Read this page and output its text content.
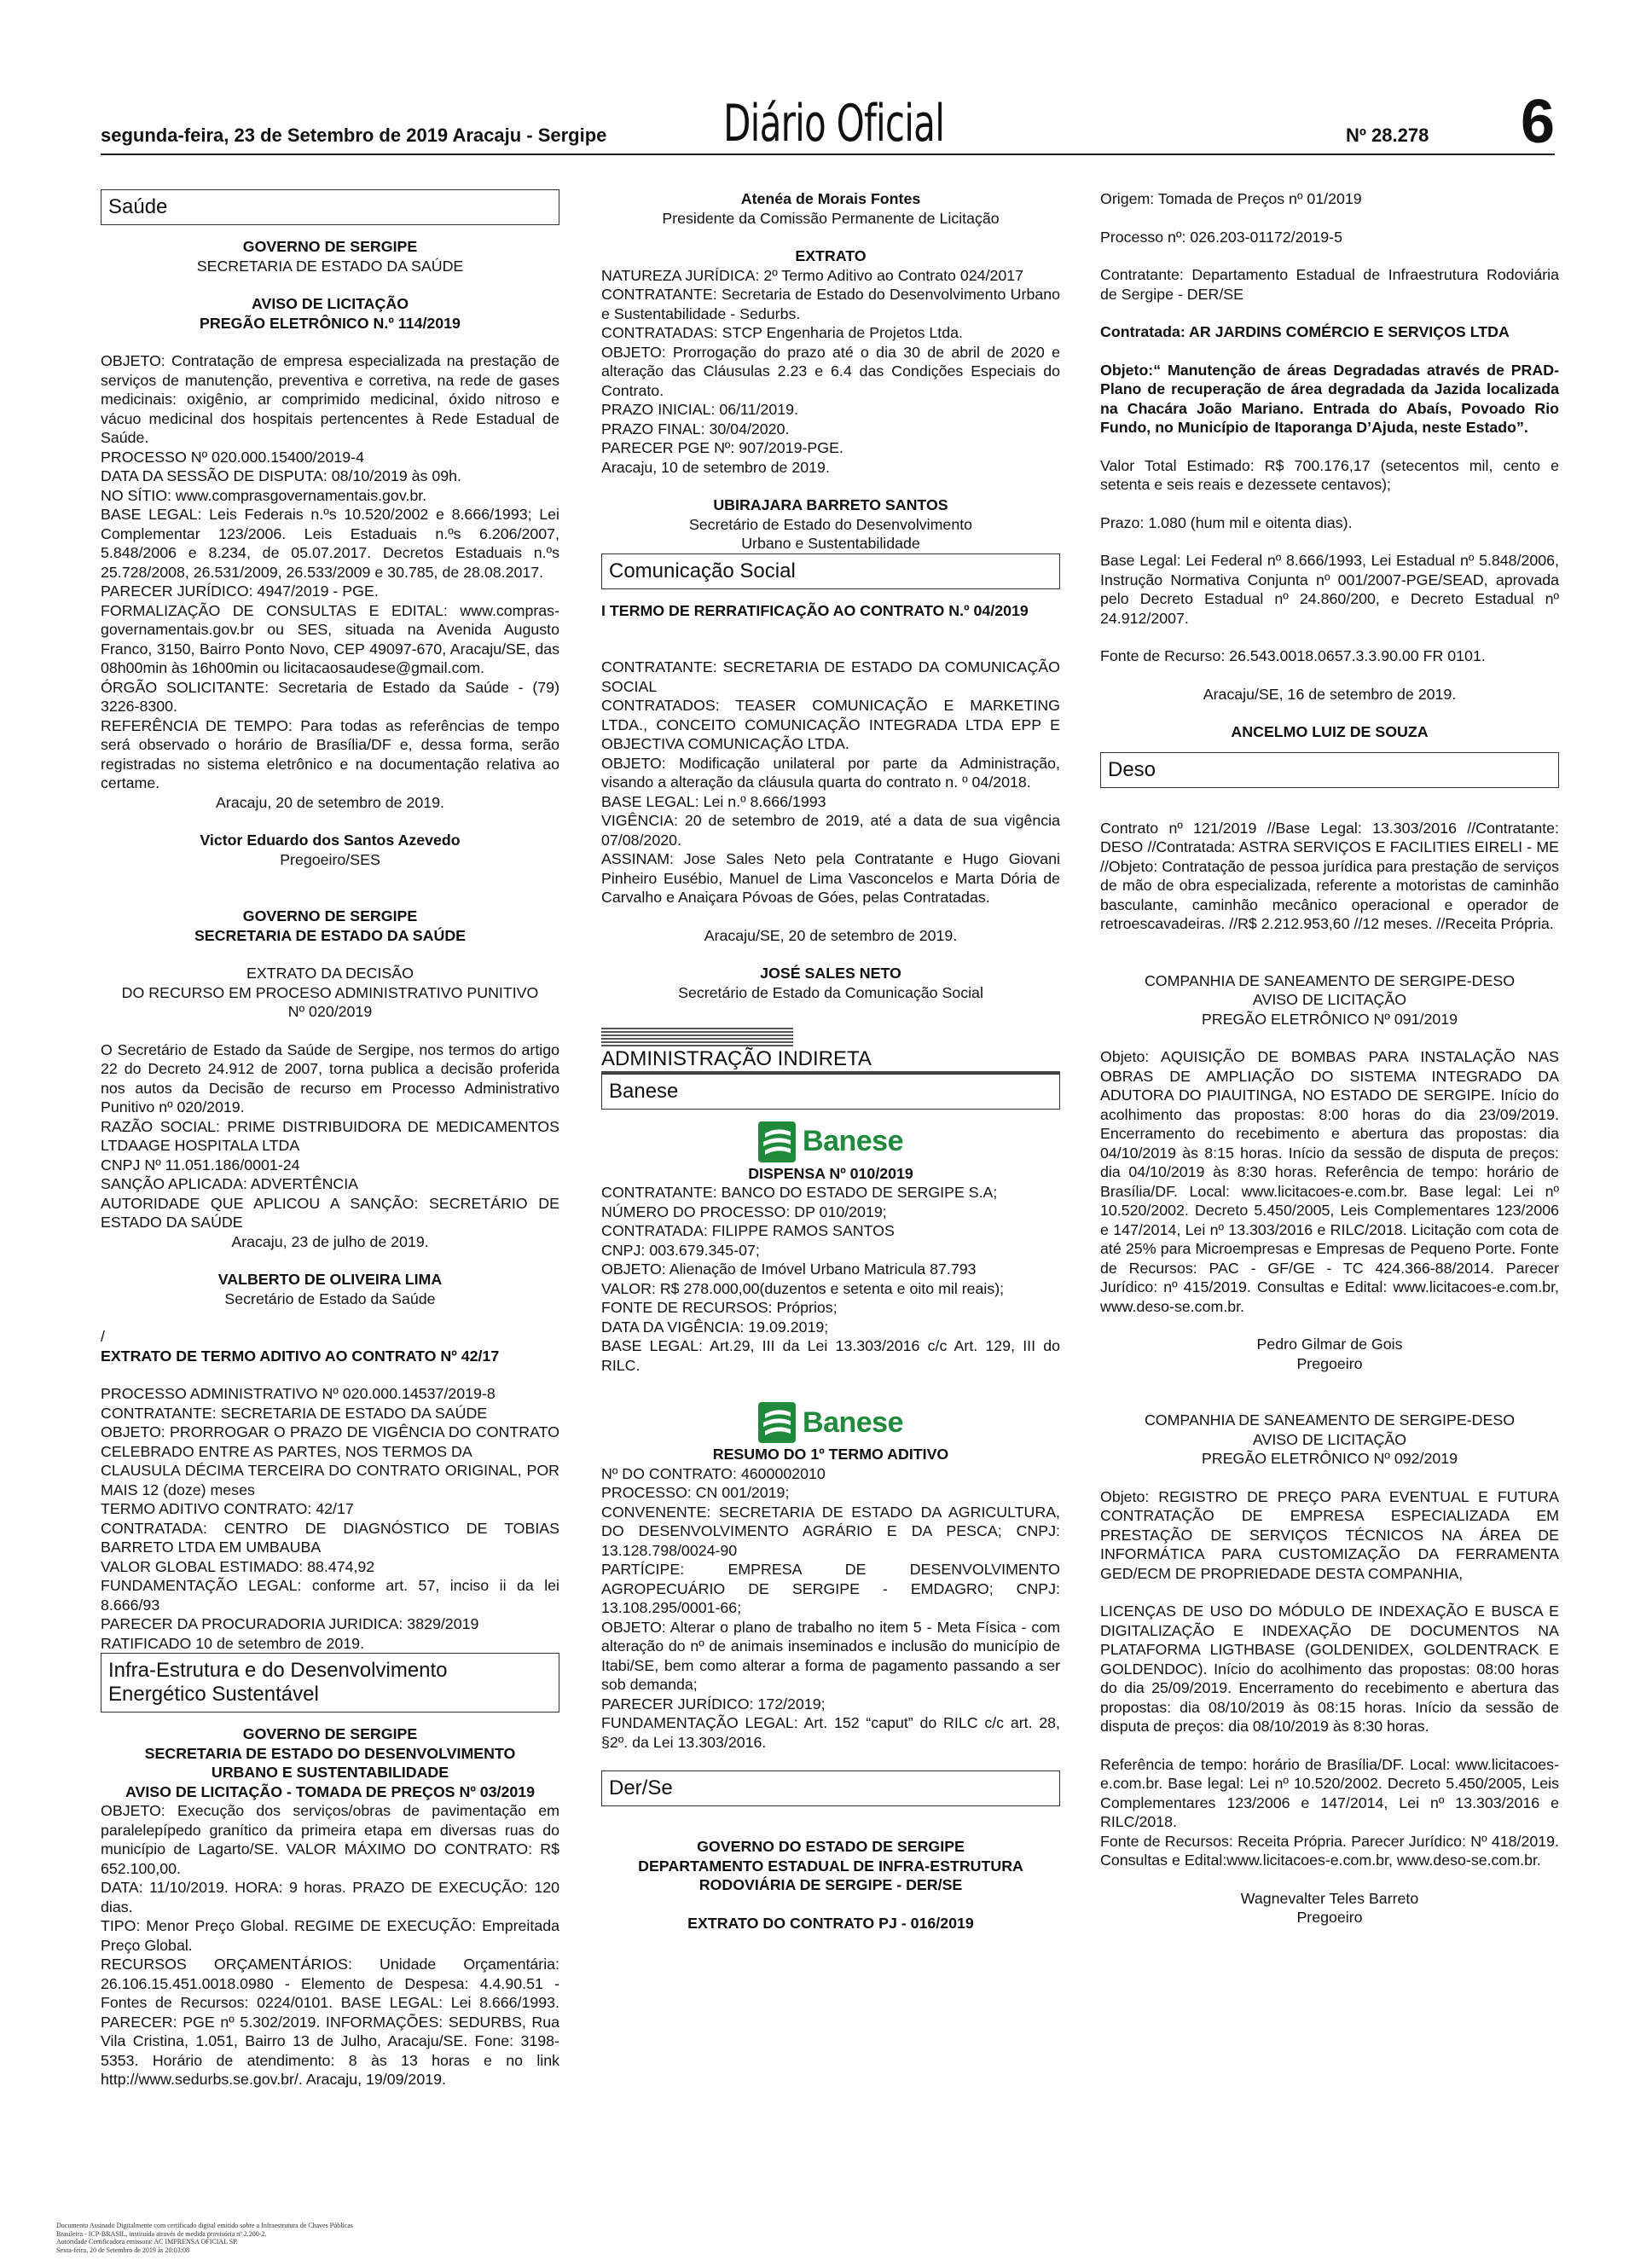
segunda-feira, 23 de Setembro de 2019 Aracaju - Sergipe Diário Oficial	Nº 28.278 6
Saúde

GOVERNO DE SERGIPE

SECRETARIA DE ESTADO DA SAÚDE

AVISO DE LICITAÇÃO
PREGÃO ELETRÔNICO N.º 114/2019

OBJETO: Contratação de empresa especializada na prestação de serviços de manutenção, preventiva e corretiva, na rede de gases medicinais: oxigênio, ar comprimido medicinal, óxido nitroso e vácuo medicinal dos hospitais pertencentes à Rede Estadual de Saúde.
PROCESSO Nº 020.000.15400/2019-4
DATA DA SESSÃO DE DISPUTA: 08/10/2019 às 09h.
NO SÍTIO: www.comprasgovernamentais.gov.br.
BASE LEGAL: Leis Federais n.ºs 10.520/2002 e 8.666/1993; Lei Complementar 123/2006. Leis Estaduais n.ºs 6.206/2007, 5.848/2006 e 8.234, de 05.07.2017. Decretos Estaduais n.ºs 25.728/2008, 26.531/2009, 26.533/2009 e 30.785, de 28.08.2017.
PARECER JURÍDICO: 4947/2019 - PGE.
FORMALIZAÇÃO DE CONSULTAS E EDITAL: www.compras-governamentais.gov.br ou SES, situada na Avenida Augusto Franco, 3150, Bairro Ponto Novo, CEP 49097-670, Aracaju/SE, das 08h00min às 16h00min ou licitacaosaudese@gmail.com.
ÓRGÃO SOLICITANTE: Secretaria de Estado da Saúde - (79) 3226-8300.
REFERÊNCIA DE TEMPO: Para todas as referências de tempo será observado o horário de Brasília/DF e, dessa forma, serão registradas no sistema eletrônico e na documentação relativa ao certame.

Aracaju, 20 de setembro de 2019.

Victor Eduardo dos Santos Azevedo

Pregoeiro/SES

GOVERNO DE SERGIPE
SECRETARIA DE ESTADO DA SAÚDE

EXTRATO DA DECISÃO
DO RECURSO EM PROCESO ADMINISTRATIVO PUNITIVO
Nº 020/2019

O Secretário de Estado da Saúde de Sergipe, nos termos do artigo 22 do Decreto 24.912 de 2007, torna publica a decisão proferida nos autos da Decisão de recurso em Processo Administrativo Punitivo nº 020/2019.
RAZÃO SOCIAL: PRIME DISTRIBUIDORA DE MEDICAMENTOS LTDAAGE HOSPITALA LTDA
CNPJ Nº 11.051.186/0001-24
SANÇÃO APLICADA: ADVERTÊNCIA
AUTORIDADE QUE APLICOU A SANÇÃO: SECRETÁRIO DE ESTADO DA SAÚDE

Aracaju, 23 de julho de 2019.

VALBERTO DE OLIVEIRA LIMA

Secretário de Estado da Saúde

/

EXTRATO DE TERMO ADITIVO AO CONTRATO Nº 42/17

PROCESSO ADMINISTRATIVO Nº 020.000.14537/2019-8
CONTRATANTE: SECRETARIA DE ESTADO DA SAÚDE
OBJETO: PRORROGAR O PRAZO DE VIGÊNCIA DO CONTRATO CELEBRADO ENTRE AS PARTES, NOS TERMOS DA
CLAUSULA DÉCIMA TERCEIRA DO CONTRATO ORIGINAL, POR MAIS 12 (doze) meses
TERMO ADITIVO CONTRATO: 42/17
CONTRATADA: CENTRO DE DIAGNÓSTICO DE TOBIAS BARRETO LTDA EM UMBAUBA
VALOR GLOBAL ESTIMADO: 88.474,92
FUNDAMENTAÇÃO LEGAL: conforme art. 57, inciso ii da lei 8.666/93
PARECER DA PROCURADORIA JURIDICA: 3829/2019
RATIFICADO 10 de setembro de 2019.

Infra-Estrutura e do Desenvolvimento
Energético Sustentável

GOVERNO DE SERGIPE
SECRETARIA DE ESTADO DO DESENVOLVIMENTO
URBANO E SUSTENTABILIDADE
AVISO DE LICITAÇÃO - TOMADA DE PREÇOS Nº 03/2019

OBJETO: Execução dos serviços/obras de pavimentação em paralelepípedo granítico da primeira etapa em diversas ruas do município de Lagarto/SE. VALOR MÁXIMO DO CONTRATO: R$ 652.100,00.
DATA: 11/10/2019. HORA: 9 horas. PRAZO DE EXECUÇÃO: 120 dias.
TIPO: Menor Preço Global. REGIME DE EXECUÇÃO: Empreitada Preço Global.
RECURSOS ORÇAMENTÁRIOS: Unidade Orçamentária: 26.106.15.451.0018.0980 - Elemento de Despesa: 4.4.90.51 - Fontes de Recursos: 0224/0101. BASE LEGAL: Lei 8.666/1993. PARECER: PGE nº 5.302/2019. INFORMAÇÕES: SEDURBS, Rua Vila Cristina, 1.051, Bairro 13 de Julho, Aracaju/SE. Fone: 3198-5353. Horário de atendimento: 8 às 13 horas e no link http://www.sedurbs.se.gov.br/. Aracaju, 19/09/2019.

Atenéa de Morais Fontes

Presidente da Comissão Permanente de Licitação

EXTRATO

NATUREZA JURÍDICA: 2º Termo Aditivo ao Contrato 024/2017
CONTRATANTE: Secretaria de Estado do Desenvolvimento Urbano e Sustentabilidade - Sedurbs.
CONTRATADAS: STCP Engenharia de Projetos Ltda.
OBJETO: Prorrogação do prazo até o dia 30 de abril de 2020 e alteração das Cláusulas 2.23 e 6.4 das Condições Especiais do Contrato.
PRAZO INICIAL: 06/11/2019.
PRAZO FINAL: 30/04/2020.
PARECER PGE Nº: 907/2019-PGE.
Aracaju, 10 de setembro de 2019.

UBIRAJARA BARRETO SANTOS

Secretário de Estado do Desenvolvimento
Urbano e Sustentabilidade

Comunicação Social

I TERMO DE RERRATIFICAÇÃO AO CONTRATO N.º 04/2019

CONTRATANTE: SECRETARIA DE ESTADO DA COMUNICAÇÃO SOCIAL
CONTRATADOS: TEASER COMUNICAÇÃO E MARKETING LTDA., CONCEITO COMUNICAÇÃO INTEGRADA LTDA EPP E OBJECTIVA COMUNICAÇÃO LTDA.
OBJETO: Modificação unilateral por parte da Administração, visando a alteração da cláusula quarta do contrato n. º 04/2018.
BASE LEGAL: Lei n.º 8.666/1993
VIGÊNCIA: 20 de setembro de 2019, até a data de sua vigência 07/08/2020.
ASSINAM: Jose Sales Neto pela Contratante e Hugo Giovani Pinheiro Eusébio, Manuel de Lima Vasconcelos e Marta Dória de Carvalho e Anaiçara Póvoas de Góes, pelas Contratadas.

Aracaju/SE, 20 de setembro de 2019.

JOSÉ SALES NETO

Secretário de Estado da Comunicação Social

ADMINISTRAÇÃO INDIRETA
Banese
Banese

DISPENSA Nº 010/2019

CONTRATANTE: BANCO DO ESTADO DE SERGIPE S.A;
NÚMERO DO PROCESSO: DP 010/2019;
CONTRATADA: FILIPPE RAMOS SANTOS
CNPJ: 003.679.345-07;
OBJETO: Alienação de Imóvel Urbano Matricula 87.793
VALOR: R$ 278.000,00(duzentos e setenta e oito mil reais);
FONTE DE RECURSOS: Próprios;
DATA DA VIGÊNCIA: 19.09.2019;
BASE LEGAL: Art.29, III da Lei 13.303/2016 c/c Art. 129, III do RILC.

Banese

RESUMO DO 1º TERMO ADITIVO

Nº DO CONTRATO: 4600002010
PROCESSO: CN 001/2019;
CONVENENTE: SECRETARIA DE ESTADO DA AGRICULTURA, DO DESENVOLVIMENTO AGRÁRIO E DA PESCA; CNPJ: 13.128.798/0024-90
PARTÍCIPE: EMPRESA DE DESENVOLVIMENTO AGROPECUÁRIO DE SERGIPE - EMDAGRO; CNPJ: 13.108.295/0001-66;
OBJETO: Alterar o plano de trabalho no item 5 - Meta Física - com alteração do nº de animais inseminados e inclusão do município de Itabi/SE, bem como alterar a forma de pagamento passando a ser sob demanda;
PARECER JURÍDICO: 172/2019;
FUNDAMENTAÇÃO LEGAL: Art. 152 “caput” do RILC c/c art. 28, §2º. da Lei 13.303/2016.

Der/Se

GOVERNO DO ESTADO DE SERGIPE
DEPARTAMENTO ESTADUAL DE INFRA-ESTRUTURA
RODOVIÁRIA DE SERGIPE - DER/SE

EXTRATO DO CONTRATO PJ - 016/2019

Origem: Tomada de Preços nº 01/2019

Processo nº: 026.203-01172/2019-5

Contratante: Departamento Estadual de Infraestrutura Rodoviária de Sergipe - DER/SE

Contratada: AR JARDINS COMÉRCIO E SERVIÇOS LTDA

Objeto:“ Manutenção de áreas Degradadas através de PRAD- Plano de recuperação de área degradada da Jazida localizada na Chacára João Mariano. Entrada do Abaís, Povoado Rio Fundo, no Município de Itaporanga D’Ajuda, neste Estado”.

Valor Total Estimado: R$ 700.176,17 (setecentos mil, cento e setenta e seis reais e dezessete centavos);

Prazo: 1.080 (hum mil e oitenta dias).

Base Legal: Lei Federal nº 8.666/1993, Lei Estadual nº 5.848/2006, Instrução Normativa Conjunta nº 001/2007-PGE/SEAD, aprovada pelo Decreto Estadual nº 24.860/200, e Decreto Estadual nº 24.912/2007.

Fonte de Recurso: 26.543.0018.0657.3.3.90.00 FR 0101.

Aracaju/SE, 16 de setembro de 2019.

ANCELMO LUIZ DE SOUZA

Deso

Contrato nº 121/2019 //Base Legal: 13.303/2016 //Contratante: DESO //Contratada: ASTRA SERVIÇOS E FACILITIES EIRELI - ME //Objeto: Contratação de pessoa jurídica para prestação de serviços de mão de obra especializada, referente a motoristas de caminhão basculante, caminhão mecânico operacional e operador de retroescavadeiras. //R$ 2.212.953,60 //12 meses. //Receita Própria.

COMPANHIA DE SANEAMENTO DE SERGIPE-DESO
AVISO DE LICITAÇÃO
PREGÃO ELETRÔNICO Nº 091/2019

Objeto: AQUISIÇÃO DE BOMBAS PARA INSTALAÇÃO NAS OBRAS DE AMPLIAÇÃO DO SISTEMA INTEGRADO DA ADUTORA DO PIAUITINGA, NO ESTADO DE SERGIPE. Início do acolhimento das propostas: 8:00 horas do dia 23/09/2019. Encerramento do recebimento e abertura das propostas: dia 04/10/2019 às 8:15 horas. Início da sessão de disputa de preços: dia 04/10/2019 às 8:30 horas. Referência de tempo: horário de Brasília/DF. Local: www.licitacoes-e.com.br. Base legal: Lei nº 10.520/2002. Decreto 5.450/2005, Leis Complementares 123/2006 e 147/2014, Lei nº 13.303/2016 e RILC/2018. Licitação com cota de até 25% para Microempresas e Empresas de Pequeno Porte. Fonte de Recursos: PAC - GF/GE - TC 424.366-88/2014. Parecer Jurídico: nº 415/2019. Consultas e Edital: www.licitacoes-e.com.br, www.deso-se.com.br.

Pedro Gilmar de Gois
Pregoeiro

COMPANHIA DE SANEAMENTO DE SERGIPE-DESO
AVISO DE LICITAÇÃO
PREGÃO ELETRÔNICO Nº 092/2019

Objeto: REGISTRO DE PREÇO PARA EVENTUAL E FUTURA CONTRATAÇÃO DE EMPRESA ESPECIALIZADA EM PRESTAÇÃO DE SERVIÇOS TÉCNICOS NA ÁREA DE INFORMÁTICA PARA CUSTOMIZAÇÃO DA FERRAMENTA GED/ECM DE PROPRIEDADE DESTA COMPANHIA,

LICENÇAS DE USO DO MÓDULO DE INDEXAÇÃO E BUSCA E DIGITALIZAÇÃO E INDEXAÇÃO DE DOCUMENTOS NA PLATAFORMA LIGTHBASE (GOLDENIDEX, GOLDENTRACK E GOLDENDOC). Início do acolhimento das propostas: 08:00 horas do dia 25/09/2019. Encerramento do recebimento e abertura das propostas: dia 08/10/2019 às 08:15 horas. Início da sessão de disputa de preços: dia 08/10/2019 às 8:30 horas.

Referência de tempo: horário de Brasília/DF. Local: www.licitacoes-e.com.br. Base legal: Lei nº 10.520/2002. Decreto 5.450/2005, Leis Complementares 123/2006 e 147/2014, Lei nº 13.303/2016 e RILC/2018.
Fonte de Recursos: Receita Própria. Parecer Jurídico: Nº 418/2019. Consultas e Edital:www.licitacoes-e.com.br, www.deso-se.com.br.

Wagnevalter Teles Barreto
Pregoeiro

Documento Assinado Digitalmente com certificado digital emitido sobre a Infraestrutura de Chaves Públicas
Brasileira - ICP-BRASIL, instituída através de medida provisória nº 2.200-2.
Autoridade Certificadora emissora: AC IMPRENSA OFICIAL SP.
Sexta-feira, 20 de Setembro de 2019 às 20:03:08
